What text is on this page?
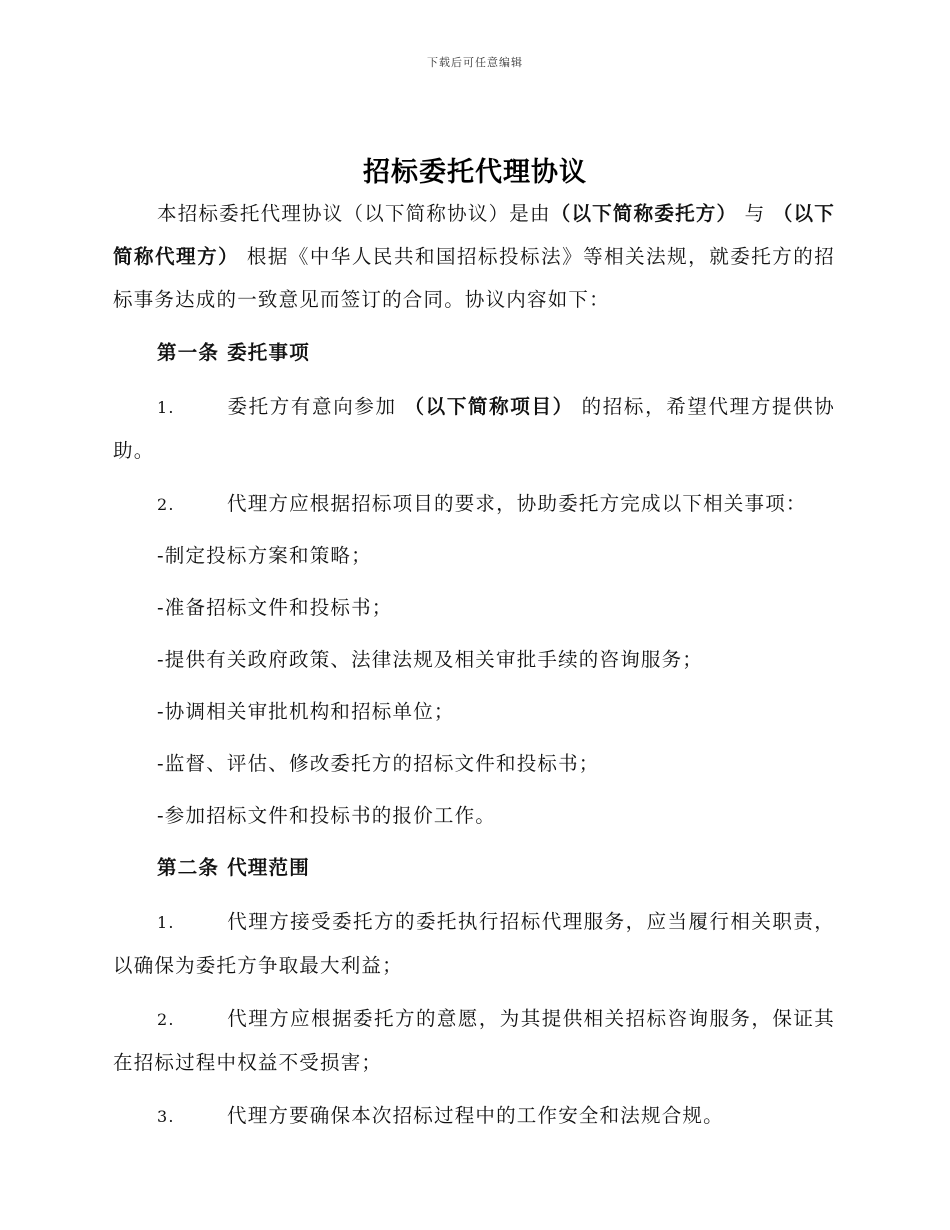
下载后可任意编辑
招标委托代理协议

本招标委托代理协议（以下简称协议）是由（以下简称委托方） 与 （以下简称代理方） 根据《中华人民共和国招标投标法》等相关法规，就委托方的招标事务达成的一致意见而签订的合同。协议内容如下：

第一条 委托事项

1.	委托方有意向参加 （以下简称项目） 的招标，希望代理方提供协助。

2.	代理方应根据招标项目的要求，协助委托方完成以下相关事项：

-制定投标方案和策略；

-准备招标文件和投标书；

-提供有关政府政策、法律法规及相关审批手续的咨询服务；

-协调相关审批机构和招标单位；

-监督、评估、修改委托方的招标文件和投标书；

-参加招标文件和投标书的报价工作。

第二条 代理范围

1.	代理方接受委托方的委托执行招标代理服务，应当履行相关职责，以确保为委托方争取最大利益；

2.	代理方应根据委托方的意愿，为其提供相关招标咨询服务，保证其在招标过程中权益不受损害；

3.	代理方要确保本次招标过程中的工作安全和法规合规。
